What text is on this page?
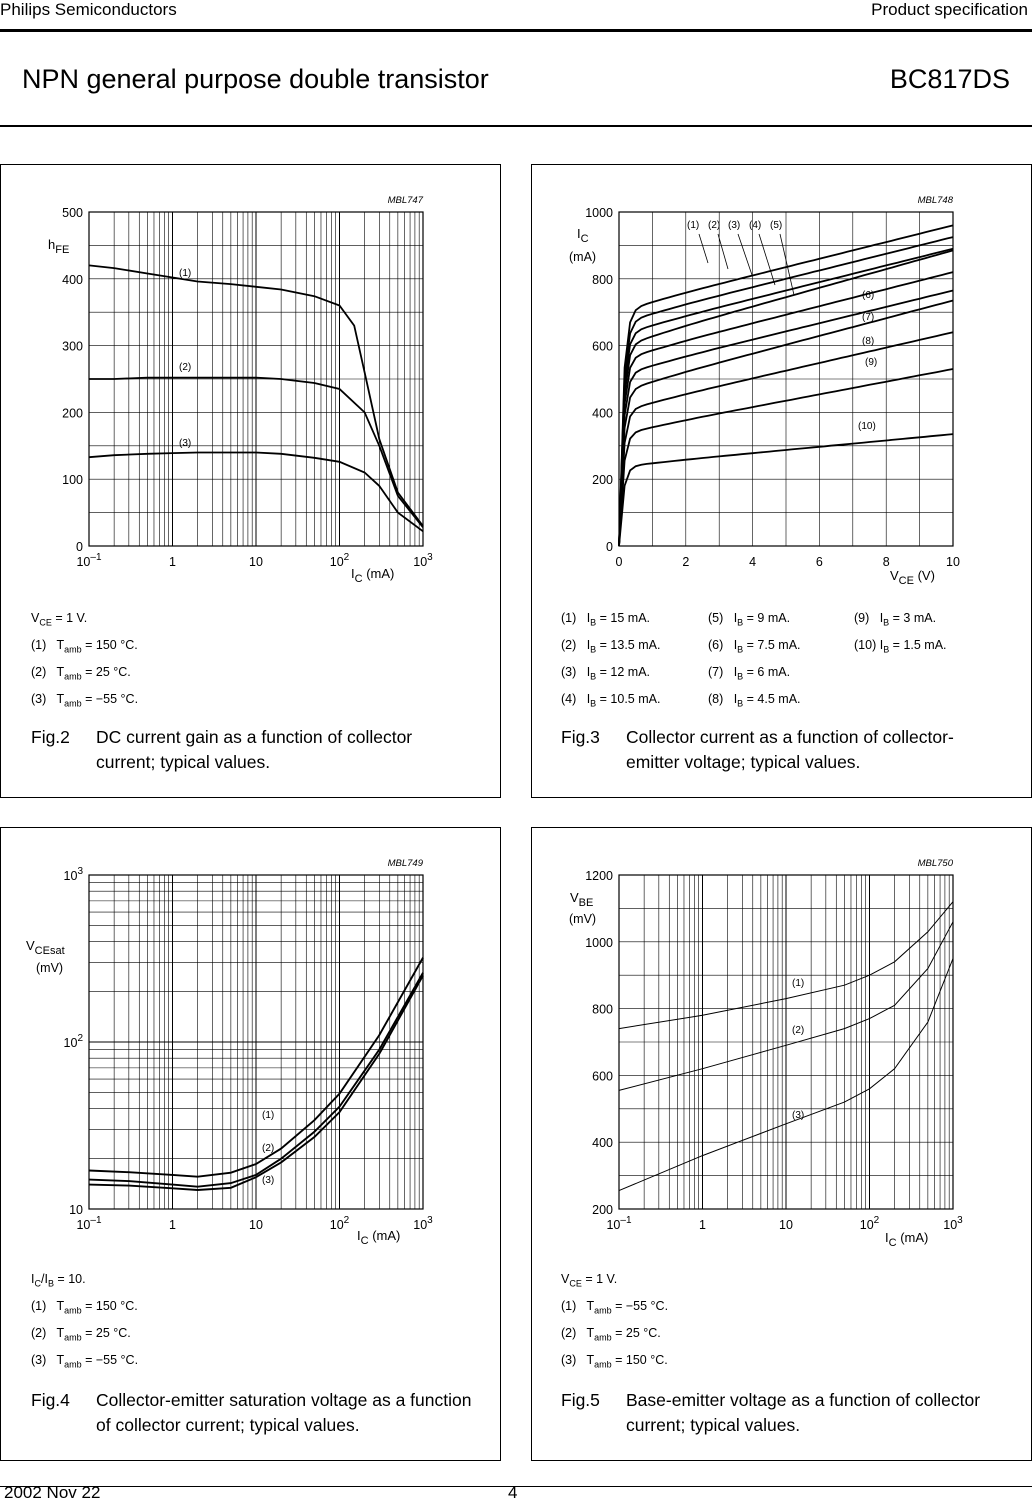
Philips Semiconductors	Product specification
NPN general purpose double transistor	BC817DS
$10^{-1}$	1	10	$10^2$	$10^3$
0
100
200
300
400
500
$I_C$ (mA)
(1)
(2)
(3)
MBL747
$h_{FE}$
$V_{CE} = 1$ V.
(1)   $T_{amb} = 150$ °C.
(2)   $T_{amb} = 25$ °C.
(3)   $T_{amb} = -55$ °C.
Fig.2 DC current gain as a function of collector current; typical values.
0	2	4	6	8	10
0
200
400
600
800
1000
$V_{CE}$ (V)
(1) (2) (3) (4) (5)
(6)
(7)
(8)
(9)
(10)
MBL748
$I_C$
(mA)
(1)   $I_B = 15$ mA.
(2)   $I_B = 13.5$ mA.
(3)   $I_B = 12$ mA.
(4)   $I_B = 10.5$ mA.
(5)   $I_B = 9$ mA.
(6)   $I_B = 7.5$ mA.
(7)   $I_B = 6$ mA.
(8)   $I_B = 4.5$ mA.
(9)   $I_B = 3$ mA.
(10) $I_B = 1.5$ mA.
Fig.3 Collector current as a function of collector-emitter voltage; typical values.
$10^{-1}$	1	10	$10^2$	$10^3$
10
$10^2$
$10^3$
$I_C$ (mA)
(1)
(2)
(3)
MBL749
$V_{CEsat}$
(mV)
$I_C/I_B = 10$.
(1)   $T_{amb} = 150$ °C.
(2)   $T_{amb} = 25$ °C.
(3)   $T_{amb} = -55$ °C.
Fig.4 Collector-emitter saturation voltage as a function of collector current; typical values.
$10^{-1}$	1	10	$10^2$	$10^3$
200
400
600
800
1000
1200
$I_C$ (mA)
(1)
(2)
(3)
MBL750
$V_{BE}$
(mV)
$V_{CE} = 1$ V.
(1)   $T_{amb} = -55$ °C.
(2)   $T_{amb} = 25$ °C.
(3)   $T_{amb} = 150$ °C.
Fig.5 Base-emitter voltage as a function of collector current; typical values.
2002 Nov 22	4
